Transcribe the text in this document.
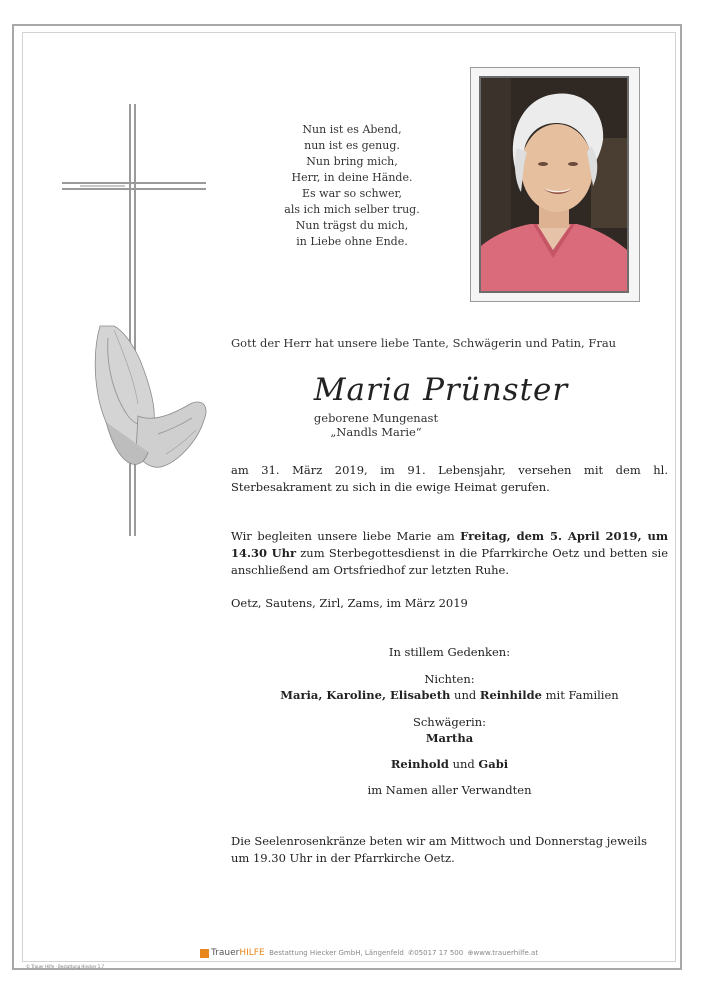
Nun ist es Abend,
nun ist es genug.
Nun bring mich,
Herr, in deine Hände.
Es war so schwer,
als ich mich selber trug.
Nun trägst du mich,
in Liebe ohne Ende.
Gott der Herr hat unsere liebe Tante, Schwägerin und Patin, Frau
Maria Prünster
geborene Mungenast
„Nandls Marie“
am 31. März 2019, im 91. Lebensjahr, versehen mit dem hl. Sterbesakrament zu sich in die ewige Heimat gerufen.
Wir begleiten unsere liebe Marie am Freitag, dem 5. April 2019, um 14.30 Uhr zum Sterbegottesdienst in die Pfarrkirche Oetz und betten sie anschließend am Ortsfriedhof zur letzten Ruhe.
Oetz, Sautens, Zirl, Zams, im März 2019
In stillem Gedenken:
Nichten:
Maria, Karoline, Elisabeth und Reinhilde mit Familien
Schwägerin:
Martha
Reinhold und Gabi
im Namen aller Verwandten
Die Seelenrosenkränze beten wir am Mittwoch und Donnerstag jeweils um 19.30 Uhr in der Pfarrkirche Oetz.
TrauerHILFE Bestattung Hiecker GmbH, Längenfeld ✆05017 17 500 ⊕www.trauerhilfe.at
© Trauer Hilfe · Bestattung Hiecker 1.7
